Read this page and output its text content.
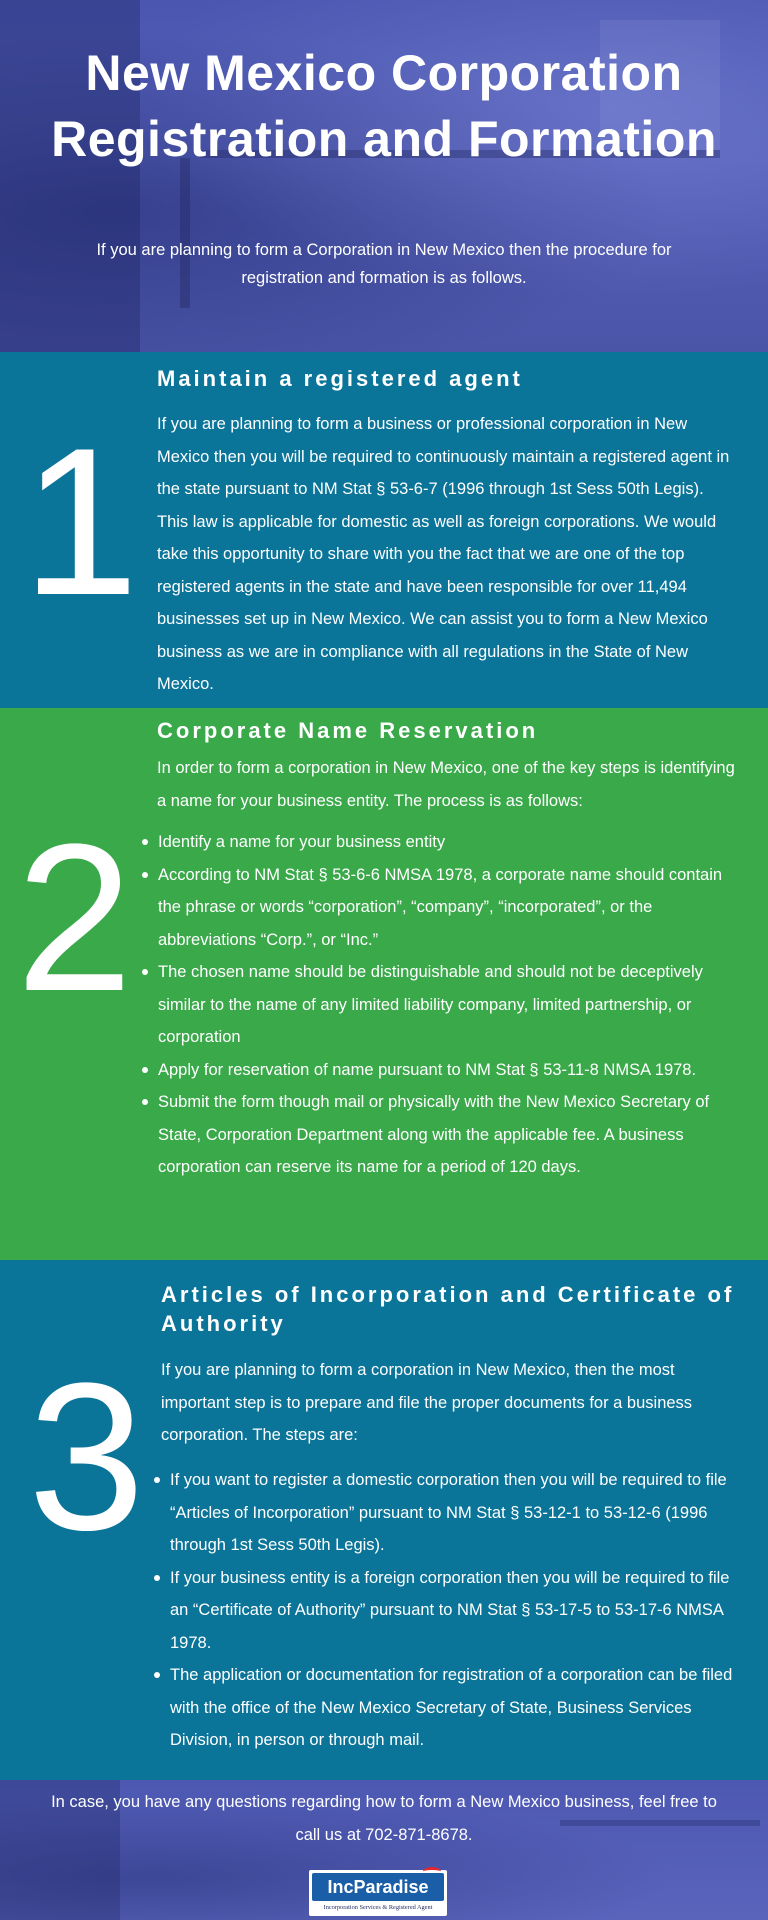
New Mexico Corporation Registration and Formation

If you are planning to form a Corporation in New Mexico then the procedure for registration and formation is as follows.

1
Maintain a registered agent

If you are planning to form a business or professional corporation in New Mexico then you will be required to continuously maintain a registered agent in the state pursuant to NM Stat § 53-6-7 (1996 through 1st Sess 50th Legis). This law is applicable for domestic as well as foreign corporations. We would take this opportunity to share with you the fact that we are one of the top registered agents in the state and have been responsible for over 11,494 businesses set up in New Mexico. We can assist you to form a New Mexico business as we are in compliance with all regulations in the State of New Mexico.

2
Corporate Name Reservation

In order to form a corporation in New Mexico, one of the key steps is identifying a name for your business entity. The process is as follows:

Identify a name for your business entity
According to NM Stat § 53-6-6 NMSA 1978, a corporate name should contain the phrase or words “corporation”, “company”, “incorporated”, or the abbreviations “Corp.”, or “Inc.”
The chosen name should be distinguishable and should not be deceptively similar to the name of any limited liability company, limited partnership, or corporation
Apply for reservation of name pursuant to NM Stat § 53-11-8 NMSA 1978.
Submit the form though mail or physically with the New Mexico Secretary of State, Corporation Department along with the applicable fee. A business corporation can reserve its name for a period of 120 days.
3
Articles of Incorporation and Certificate of Authority

If you are planning to form a corporation in New Mexico, then the most important step is to prepare and file the proper documents for a business corporation. The steps are:

If you want to register a domestic corporation then you will be required to file “Articles of Incorporation” pursuant to NM Stat § 53-12-1 to 53-12-6 (1996 through 1st Sess 50th Legis).
If your business entity is a foreign corporation then you will be required to file an “Certificate of Authority” pursuant to NM Stat § 53-17-5 to 53-17-6 NMSA 1978.
The application or documentation for registration of a corporation can be filed with the office of the New Mexico Secretary of State, Business Services Division, in person or through mail.

In case, you have any questions regarding how to form a New Mexico business, feel free to call us at 702-871-8678.

IncParadise
Incorporation Services & Registered Agent
